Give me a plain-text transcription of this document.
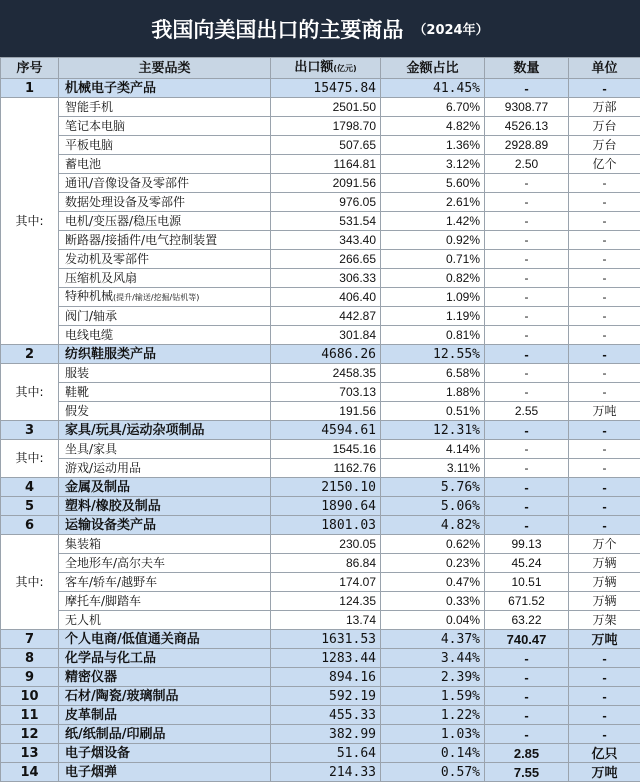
我国向美国出口的主要商品 （2024年）
序号	主要品类	出口额(亿元)	金额占比	数量	单位
1	机械电子类产品	15475.84	41.45%	-	-
其中:	智能手机	2501.50	6.70%	9308.77	万部
	笔记本电脑	1798.70	4.82%	4526.13	万台
	平板电脑	507.65	1.36%	2928.89	万台
	蓄电池	1164.81	3.12%	2.50	亿个
	通讯/音像设备及零部件	2091.56	5.60%	-	-
	数据处理设备及零部件	976.05	2.61%	-	-
	电机/变压器/稳压电源	531.54	1.42%	-	-
	断路器/接插件/电气控制装置	343.40	0.92%	-	-
	发动机及零部件	266.65	0.71%	-	-
	压缩机及风扇	306.33	0.82%	-	-
	特种机械(提升/输送/挖掘/钻机等)	406.40	1.09%	-	-
	阀门/轴承	442.87	1.19%	-	-
	电线电缆	301.84	0.81%	-	-
2	纺织鞋服类产品	4686.26	12.55%	-	-
其中:	服装	2458.35	6.58%	-	-
	鞋靴	703.13	1.88%	-	-
	假发	191.56	0.51%	2.55	万吨
3	家具/玩具/运动杂项制品	4594.61	12.31%	-	-
其中:	坐具/家具	1545.16	4.14%	-	-
	游戏/运动用品	1162.76	3.11%	-	-
4	金属及制品	2150.10	5.76%	-	-
5	塑料/橡胶及制品	1890.64	5.06%	-	-
6	运输设备类产品	1801.03	4.82%	-	-
其中:	集装箱	230.05	0.62%	99.13	万个
	全地形车/高尔夫车	86.84	0.23%	45.24	万辆
	客车/轿车/越野车	174.07	0.47%	10.51	万辆
	摩托车/脚踏车	124.35	0.33%	671.52	万辆
	无人机	13.74	0.04%	63.22	万架
7	个人电商/低值通关商品	1631.53	4.37%	740.47	万吨
8	化学品与化工品	1283.44	3.44%	-	-
9	精密仪器	894.16	2.39%	-	-
10	石材/陶瓷/玻璃制品	592.19	1.59%	-	-
11	皮革制品	455.33	1.22%	-	-
12	纸/纸制品/印刷品	382.99	1.03%	-	-
13	电子烟设备	51.64	0.14%	2.85	亿只
14	电子烟弹	214.33	0.57%	7.55	万吨
